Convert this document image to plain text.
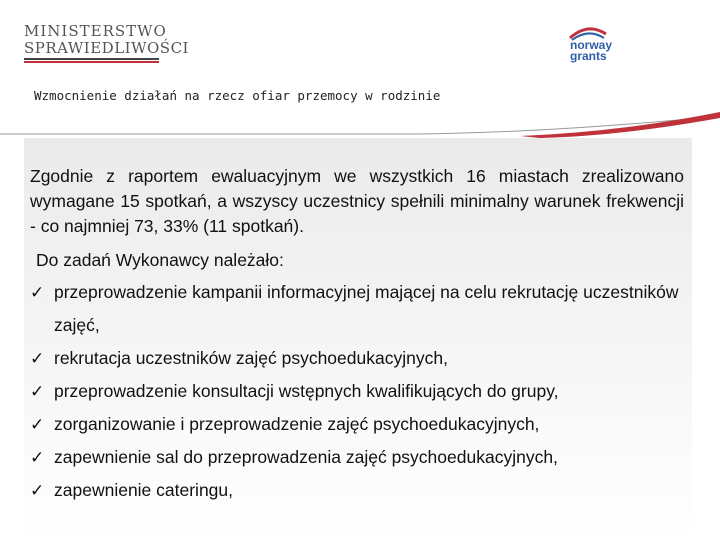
MINISTERSTWO
SPRAWIEDLIWOŚCI	norway
grants
Wzmocnienie działań na rzecz ofiar przemocy w rodzinie

Zgodnie z raportem ewaluacyjnym we wszystkich 16 miastach zrealizowano wymagane 15 spotkań, a wszyscy uczestnicy spełnili minimalny warunek frekwencji - co najmniej 73, 33% (11 spotkań).

Do zadań Wykonawcy należało:
✓ przeprowadzenie kampanii informacyjnej mającej na celu rekrutację uczestników zajęć,
✓ rekrutacja uczestników zajęć psychoedukacyjnych,
✓ przeprowadzenie konsultacji wstępnych kwalifikujących do grupy,
✓ zorganizowanie i przeprowadzenie zajęć psychoedukacyjnych,
✓ zapewnienie sal do przeprowadzenia zajęć psychoedukacyjnych,
✓ zapewnienie cateringu,
